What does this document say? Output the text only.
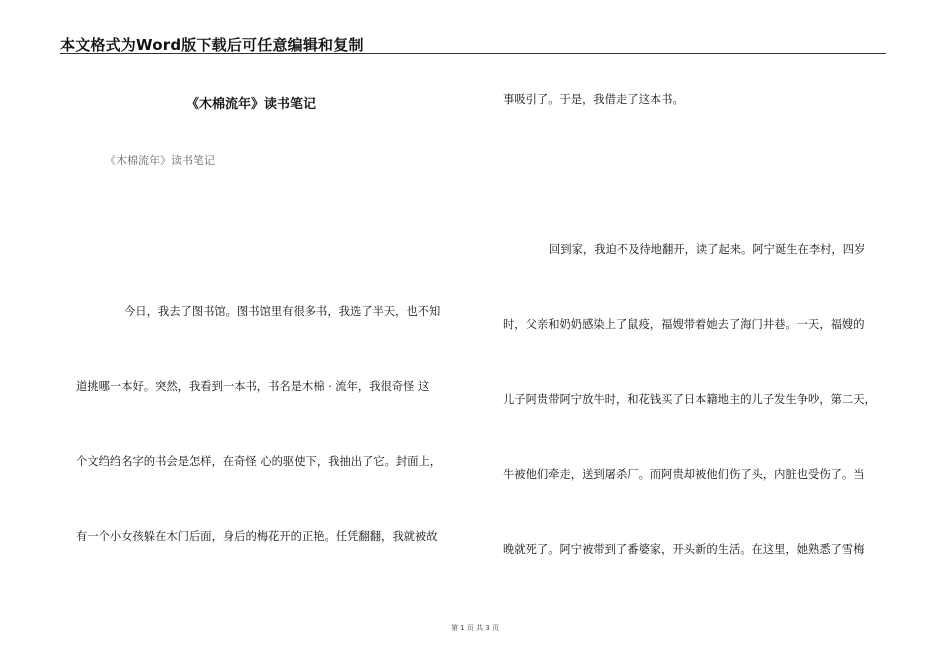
本文格式为Word版下载后可任意编辑和复制
《木棉流年》读书笔记
《木棉流年》读书笔记
今日，我去了图书馆。图书馆里有很多书，我选了半天，也不知
道挑哪一本好。突然，我看到一本书，书名是木棉 · 流年，我很奇怪 这
个文绉绉名字的书会是怎样，在奇怪 心的驱使下，我抽出了它。封面上，
有一个小女孩躲在木门后面，身后的梅花开的正艳。任凭翻翻，我就被故
事吸引了。于是，我借走了这本书。
回到家，我迫不及待地翻开，读了起来。阿宁诞生在李村，四岁
时，父亲和奶奶感染上了鼠疫，福嫂带着她去了海门井巷。一天，福嫂的
儿子阿贵带阿宁放牛时，和花钱买了日本籍地主的儿子发生争吵，第二天，
牛被他们牵走，送到屠杀厂。而阿贵却被他们伤了头，内脏也受伤了。当
晚就死了。阿宁被带到了番婆家，开头新的生活。在这里，她熟悉了雪梅
第 1 页 共 3 页
